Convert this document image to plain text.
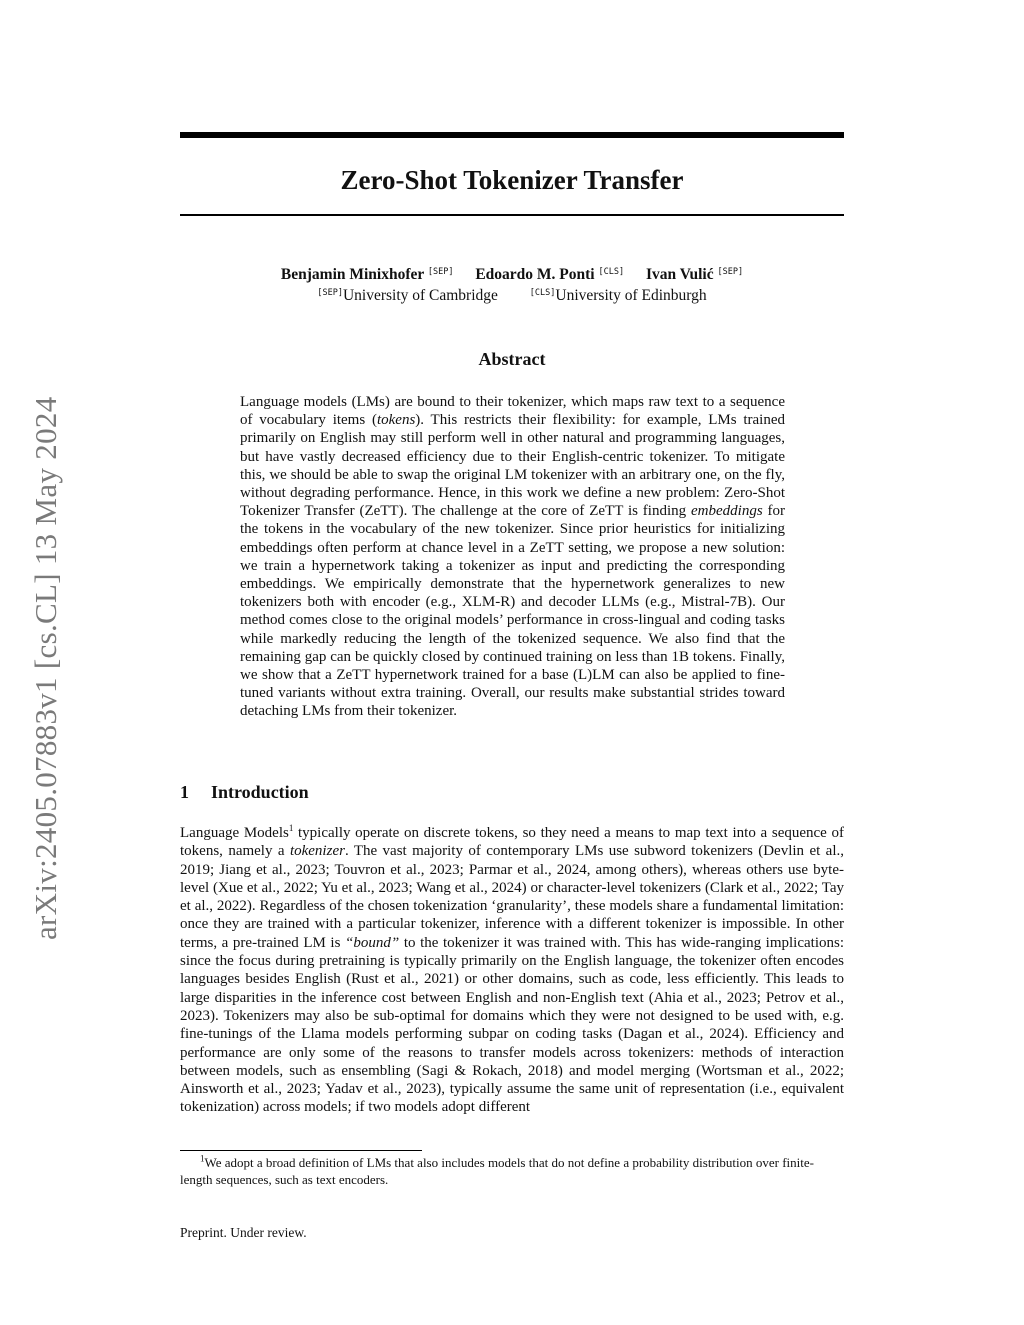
arXiv:2405.07883v1 [cs.CL] 13 May 2024
Zero-Shot Tokenizer Transfer
Benjamin Minixhofer [SEP] Edoardo M. Ponti [CLS] Ivan Vulić [SEP]
[SEP]University of Cambridge	[CLS]University of Edinburgh
Abstract
Language models (LMs) are bound to their tokenizer, which maps raw text to a sequence of vocabulary items (tokens). This restricts their flexibility: for example, LMs trained primarily on English may still perform well in other natural and programming languages, but have vastly decreased efficiency due to their English-centric tokenizer. To mitigate this, we should be able to swap the original LM tokenizer with an arbitrary one, on the fly, without degrading performance. Hence, in this work we define a new problem: Zero-Shot Tokenizer Transfer (ZeTT). The challenge at the core of ZeTT is finding embeddings for the tokens in the vocabulary of the new tokenizer. Since prior heuristics for initializing embeddings often perform at chance level in a ZeTT setting, we propose a new solution: we train a hypernetwork taking a tokenizer as input and predicting the corresponding embeddings. We empirically demonstrate that the hypernetwork generalizes to new tokenizers both with encoder (e.g., XLM-R) and decoder LLMs (e.g., Mistral-7B). Our method comes close to the original models’ performance in cross-lingual and coding tasks while markedly reducing the length of the tokenized sequence. We also find that the remaining gap can be quickly closed by continued training on less than 1B tokens. Finally, we show that a ZeTT hypernetwork trained for a base (L)LM can also be applied to fine-tuned variants without extra training. Overall, our results make substantial strides toward detaching LMs from their tokenizer.
1 Introduction
Language Models$^1$ typically operate on discrete tokens, so they need a means to map text into a sequence of tokens, namely a tokenizer. The vast majority of contemporary LMs use subword tokenizers (Devlin et al., 2019; Jiang et al., 2023; Touvron et al., 2023; Parmar et al., 2024, among others), whereas others use byte-level (Xue et al., 2022; Yu et al., 2023; Wang et al., 2024) or character-level tokenizers (Clark et al., 2022; Tay et al., 2022). Regardless of the chosen tokenization ‘granularity’, these models share a fundamental limitation: once they are trained with a particular tokenizer, inference with a different tokenizer is impossible. In other terms, a pre-trained LM is “bound” to the tokenizer it was trained with. This has wide-ranging implications: since the focus during pretraining is typically primarily on the English language, the tokenizer often encodes languages besides English (Rust et al., 2021) or other domains, such as code, less efficiently. This leads to large disparities in the inference cost between English and non-English text (Ahia et al., 2023; Petrov et al., 2023). Tokenizers may also be sub-optimal for domains which they were not designed to be used with, e.g. fine-tunings of the Llama models performing subpar on coding tasks (Dagan et al., 2024). Efficiency and performance are only some of the reasons to transfer models across tokenizers: methods of interaction between models, such as ensembling (Sagi & Rokach, 2018) and model merging (Wortsman et al., 2022; Ainsworth et al., 2023; Yadav et al., 2023), typically assume the same unit of representation (i.e., equivalent tokenization) across models; if two models adopt different
$^1$We adopt a broad definition of LMs that also includes models that do not define a probability distribution over finite-length sequences, such as text encoders.
Preprint. Under review.
